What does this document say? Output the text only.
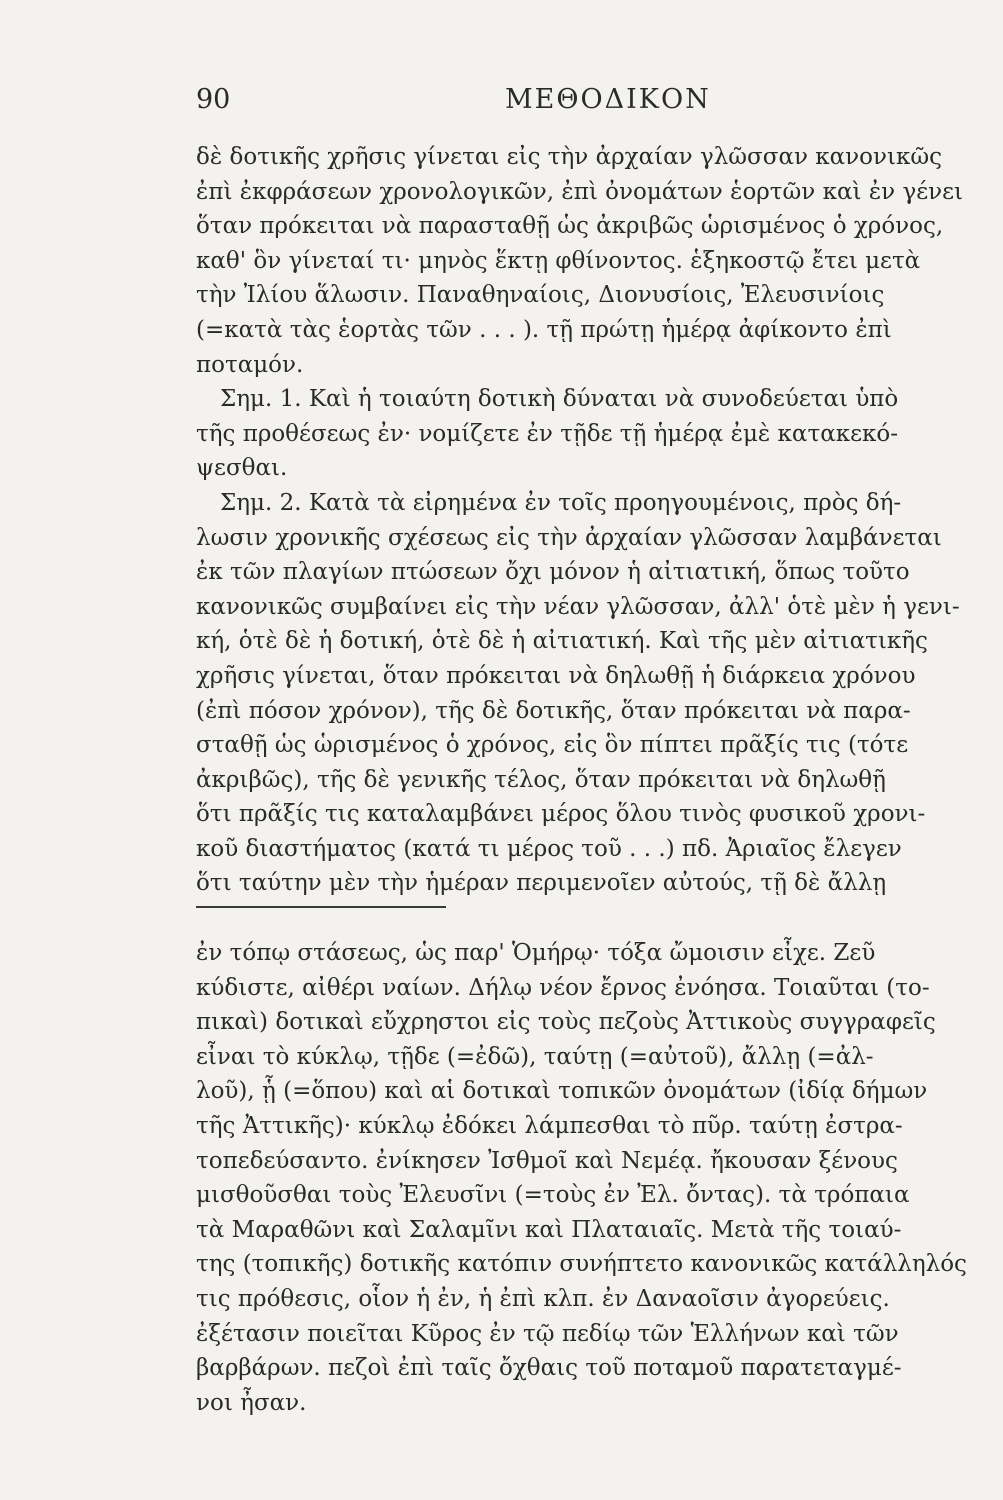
90	ΜΕΘΟΔΙΚΟΝ
δὲ δοτικῆς χρῆσις γίνεται εἰς τὴν ἀρχαίαν γλῶσσαν κανονικῶς
ἐπὶ ἐκφράσεων χρονολογικῶν, ἐπὶ ὀνομάτων ἑορτῶν καὶ ἐν γένει
ὅταν πρόκειται νὰ παρασταθῇ ὡς ἀκριβῶς ὡρισμένος ὁ χρόνος,
καθ' ὃν γίνεταί τι· μηνὸς ἕκτῃ φθίνοντος. ἑξηκοστῷ ἔτει μετὰ
τὴν Ἰλίου ἅλωσιν. Παναθηναίοις, Διονυσίοις, Ἐλευσινίοις
(=κατὰ τὰς ἑορτὰς τῶν . . . ). τῇ πρώτῃ ἡμέρᾳ ἀφίκοντο ἐπὶ
ποταμόν.
Σημ. 1. Καὶ ἡ τοιαύτη δοτικὴ δύναται νὰ συνοδεύεται ὑπὸ
τῆς προθέσεως ἐν· νομίζετε ἐν τῇδε τῇ ἡμέρᾳ ἐμὲ κατακεκό-
ψεσθαι.
Σημ. 2. Κατὰ τὰ εἰρημένα ἐν τοῖς προηγουμένοις, πρὸς δή-
λωσιν χρονικῆς σχέσεως εἰς τὴν ἀρχαίαν γλῶσσαν λαμβάνεται
ἐκ τῶν πλαγίων πτώσεων ὄχι μόνον ἡ αἰτιατική, ὅπως τοῦτο
κανονικῶς συμβαίνει εἰς τὴν νέαν γλῶσσαν, ἀλλ' ὁτὲ μὲν ἡ γενι-
κή, ὁτὲ δὲ ἡ δοτική, ὁτὲ δὲ ἡ αἰτιατική. Καὶ τῆς μὲν αἰτιατικῆς
χρῆσις γίνεται, ὅταν πρόκειται νὰ δηλωθῇ ἡ διάρκεια χρόνου
(ἐπὶ πόσον χρόνον), τῆς δὲ δοτικῆς, ὅταν πρόκειται νὰ παρα-
σταθῇ ὡς ὡρισμένος ὁ χρόνος, εἰς ὃν πίπτει πρᾶξίς τις (τότε
ἀκριβῶς), τῆς δὲ γενικῆς τέλος, ὅταν πρόκειται νὰ δηλωθῇ
ὅτι πρᾶξίς τις καταλαμβάνει μέρος ὅλου τινὸς φυσικοῦ χρονι-
κοῦ διαστήματος (κατά τι μέρος τοῦ . . .) πδ. Ἀριαῖος ἔλεγεν
ὅτι ταύτην μὲν τὴν ἡμέραν περιμενοῖεν αὐτούς, τῇ δὲ ἄλλῃ
ἐν τόπῳ στάσεως, ὡς παρ' Ὁμήρῳ· τόξα ὤμοισιν εἶχε. Ζεῦ
κύδιστε, αἰθέρι ναίων. Δήλῳ νέον ἔρνος ἐνόησα. Τοιαῦται (το-
πικαὶ) δοτικαὶ εὔχρηστοι εἰς τοὺς πεζοὺς Ἀττικοὺς συγγραφεῖς
εἶναι τὸ κύκλῳ, τῇδε (=ἐδῶ), ταύτῃ (=αὐτοῦ), ἄλλῃ (=ἀλ-
λοῦ), ᾗ (=ὅπου) καὶ αἱ δοτικαὶ τοπικῶν ὀνομάτων (ἰδίᾳ δήμων
τῆς Ἀττικῆς)· κύκλῳ ἐδόκει λάμπεσθαι τὸ πῦρ. ταύτῃ ἐστρα-
τοπεδεύσαντο. ἐνίκησεν Ἰσθμοῖ καὶ Νεμέᾳ. ἤκουσαν ξένους
μισθοῦσθαι τοὺς Ἐλευσῖνι (=τοὺς ἐν Ἐλ. ὄντας). τὰ τρόπαια
τὰ Μαραθῶνι καὶ Σαλαμῖνι καὶ Πλαταιαῖς. Μετὰ τῆς τοιαύ-
της (τοπικῆς) δοτικῆς κατόπιν συνήπτετο κανονικῶς κατάλληλός
τις πρόθεσις, οἷον ἡ ἐν, ἡ ἐπὶ κλπ. ἐν Δαναοῖσιν ἀγορεύεις.
ἐξέτασιν ποιεῖται Κῦρος ἐν τῷ πεδίῳ τῶν Ἑλλήνων καὶ τῶν
βαρβάρων. πεζοὶ ἐπὶ ταῖς ὄχθαις τοῦ ποταμοῦ παρατεταγμέ-
νοι ἦσαν.
